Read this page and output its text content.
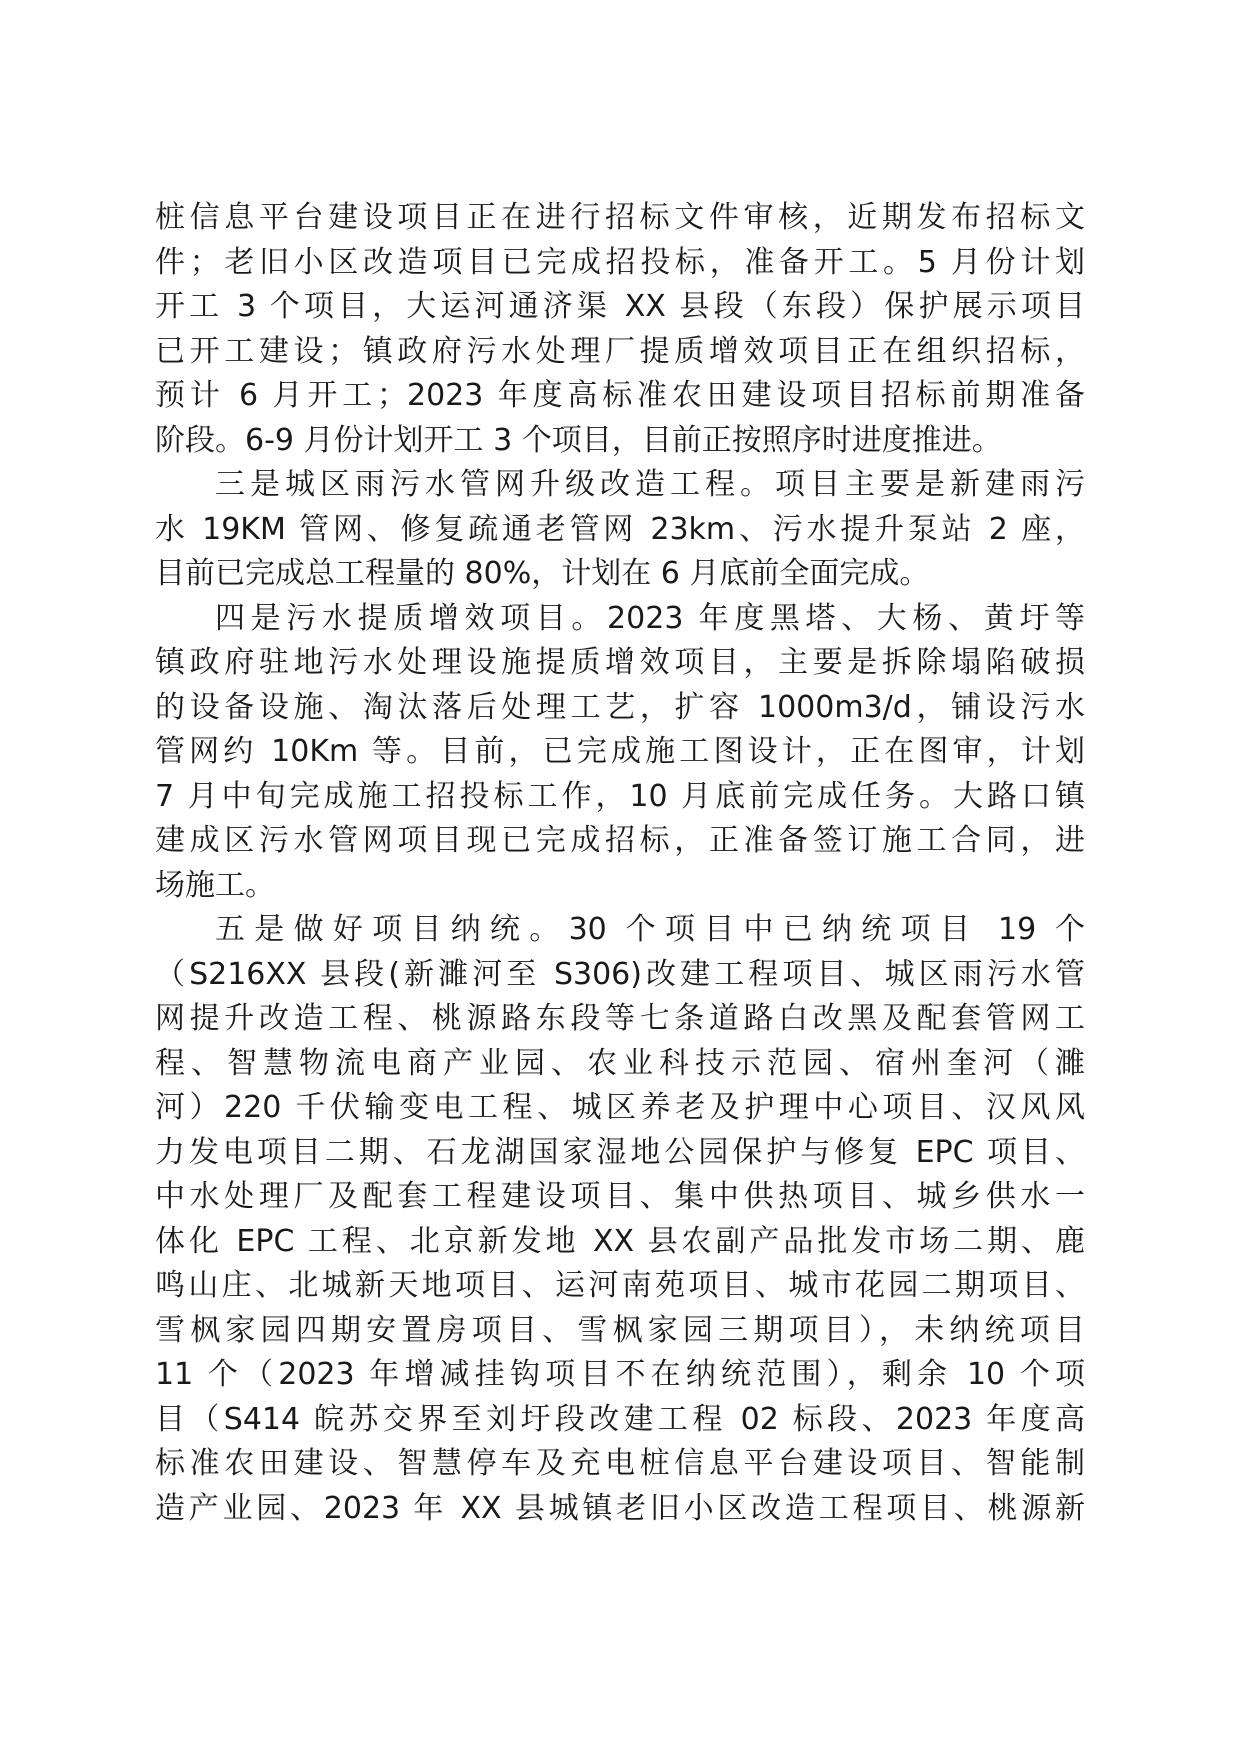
桩信息平台建设项目正在进行招标文件审核，近期发布招标文
件；老旧小区改造项目已完成招投标，准备开工。5 月份计划
开工 3 个项目，大运河通济渠 XX 县段（东段）保护展示项目
已开工建设；镇政府污水处理厂提质增效项目正在组织招标，
预计 6 月开工；2023 年度高标准农田建设项目招标前期准备
阶段。6-9 月份计划开工 3 个项目，目前正按照序时进度推进。
三是城区雨污水管网升级改造工程。项目主要是新建雨污
水 19KM 管网、修复疏通老管网 23km、污水提升泵站 2 座，
目前已完成总工程量的 80%，计划在 6 月底前全面完成。
四是污水提质增效项目。2023 年度黑塔、大杨、黄圩等
镇政府驻地污水处理设施提质增效项目，主要是拆除塌陷破损
的设备设施、淘汰落后处理工艺，扩容 1000m3/d，铺设污水
管网约 10Km 等。目前，已完成施工图设计，正在图审，计划
7 月中旬完成施工招投标工作，10 月底前完成任务。大路口镇
建成区污水管网项目现已完成招标，正准备签订施工合同，进
场施工。
五是做好项目纳统。30 个项目中已纳统项目 19 个
（S216XX 县段(新濉河至 S306)改建工程项目、城区雨污水管
网提升改造工程、桃源路东段等七条道路白改黑及配套管网工
程、智慧物流电商产业园、农业科技示范园、宿州奎河（濉
河）220 千伏输变电工程、城区养老及护理中心项目、汉风风
力发电项目二期、石龙湖国家湿地公园保护与修复 EPC 项目、
中水处理厂及配套工程建设项目、集中供热项目、城乡供水一
体化 EPC 工程、北京新发地 XX 县农副产品批发市场二期、鹿
鸣山庄、北城新天地项目、运河南苑项目、城市花园二期项目、
雪枫家园四期安置房项目、雪枫家园三期项目），未纳统项目
11 个（2023 年增减挂钩项目不在纳统范围），剩余 10 个项
目（S414 皖苏交界至刘圩段改建工程 02 标段、2023 年度高
标准农田建设、智慧停车及充电桩信息平台建设项目、智能制
造产业园、2023 年 XX 县城镇老旧小区改造工程项目、桃源新
